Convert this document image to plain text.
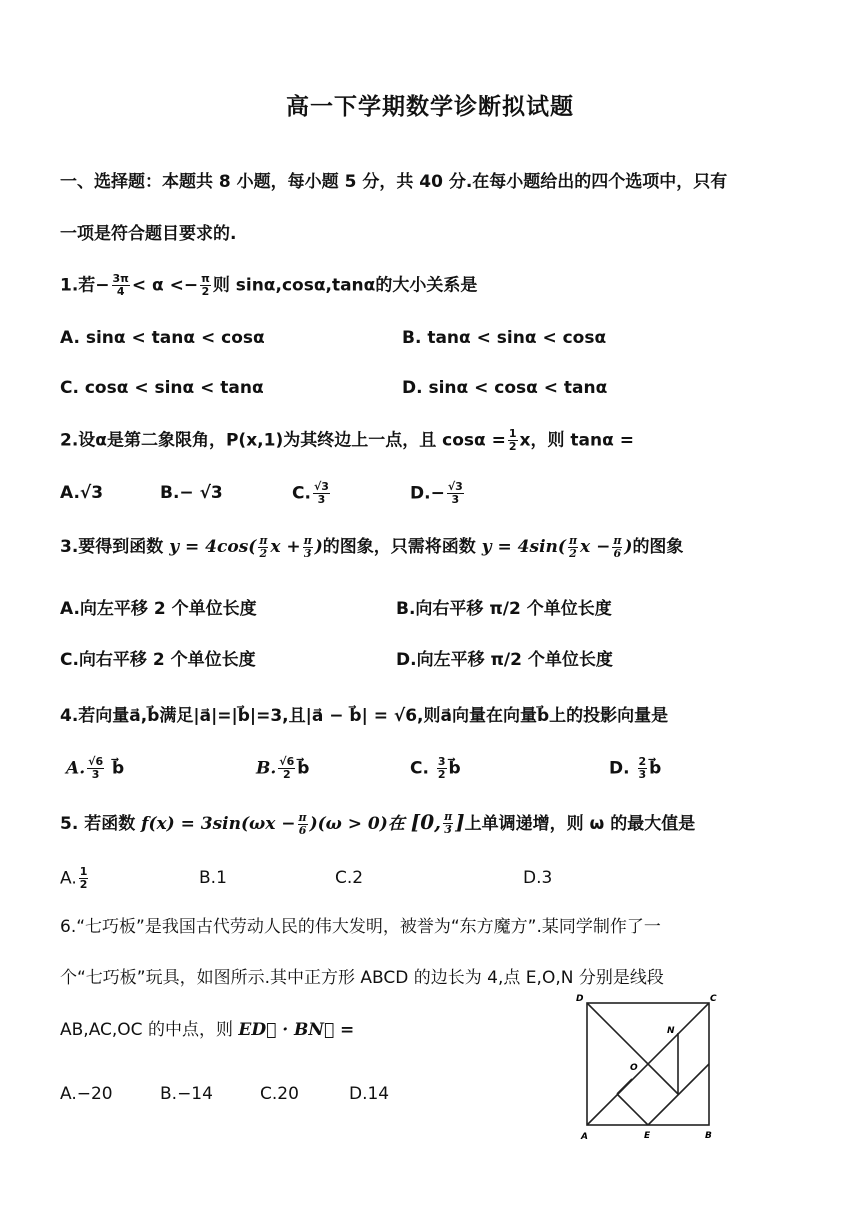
高一下学期数学诊断拟试题
一、选择题：本题共 8 小题，每小题 5 分，共 40 分.在每小题给出的四个选项中，只有
一项是符合题目要求的.
1.若− $\frac{3\pi}{4} < \alpha <- \frac{\pi}{2}$ 则 sinα,cosα,tanα的大小关系是
A. sinα < tanα < cosα	B. tanα < sinα < cosα
C. cosα < sinα < tanα	D. sinα < cosα < tanα
2.设α是第二象限角，P(x,1)为其终边上一点，且 $\cos\alpha = \frac{1}{2}$ x，则 tanα =
A.√3	B.− √3	C. $\frac{√3}{3}$	$D.- \frac{√3}{3}$
3.要得到函数 $y = 4\cos( \frac{\pi}{2}$ $x + \frac{\pi}{3}$ )的图象，只需将函数 $y = 4\sin( \frac{\pi}{2}$ $x - \frac{\pi}{6}$ )的图象
A.向左平移 2 个单位长度	B.向右平移 π/2 个单位长度
C.向右平移 2 个单位长度	D.向左平移 π/2 个单位长度
4.若向量a⃗,b⃗满足|a⃗|=|b⃗|=3,且|a⃗ − b⃗| = √6,则a⃗向量在向量b⃗上的投影向量是
A. $\frac{√6}{3}$ b⃗	B. $\frac{√6}{2}$ b⃗	C. $\frac{3}{2}$ b⃗	D. $\frac{2}{3}$ b⃗
5. 若函数 $f(x) = 3\sin(\omega x - \frac{\pi}{6} )(\omega > 0)$在 [0, $\frac{\pi}{3}$ ]上单调递增，则 ω 的最大值是
A. $\frac{1}{2}$	B.1	C.2	D.3
6.“七巧板”是我国古代劳动人民的伟大发明，被誉为“东方魔方”.某同学制作了一
个“七巧板”玩具，如图所示.其中正方形 ABCD 的边长为 4,点 E,O,N 分别是线段
AB,AC,OC 的中点，则 ED⃗ · BN⃗ =
A.−20	B.−14	C.20	D.14
D	C
N
O
A	E	B
